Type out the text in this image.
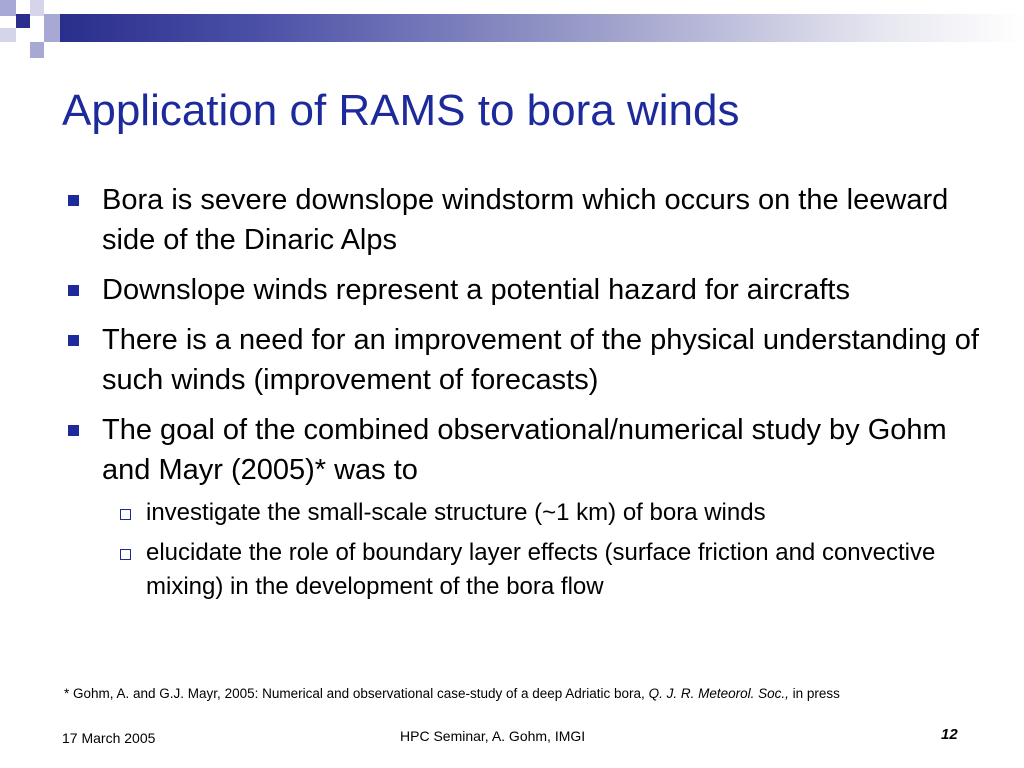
Application of RAMS to bora winds
Bora is severe downslope windstorm which occurs on the leeward side of the Dinaric Alps
Downslope winds represent a potential hazard for aircrafts
There is a need for an improvement of the physical understanding of such winds (improvement of forecasts)
The goal of the combined observational/numerical study by Gohm and Mayr (2005)* was to
investigate the small-scale structure (~1 km) of bora winds
elucidate the role of boundary layer effects (surface friction and convective mixing) in the development of the bora flow
* Gohm, A. and G.J. Mayr, 2005: Numerical and observational case-study of a deep Adriatic bora, Q. J. R. Meteorol. Soc., in press
17 March 2005	HPC Seminar, A. Gohm, IMGI	12
